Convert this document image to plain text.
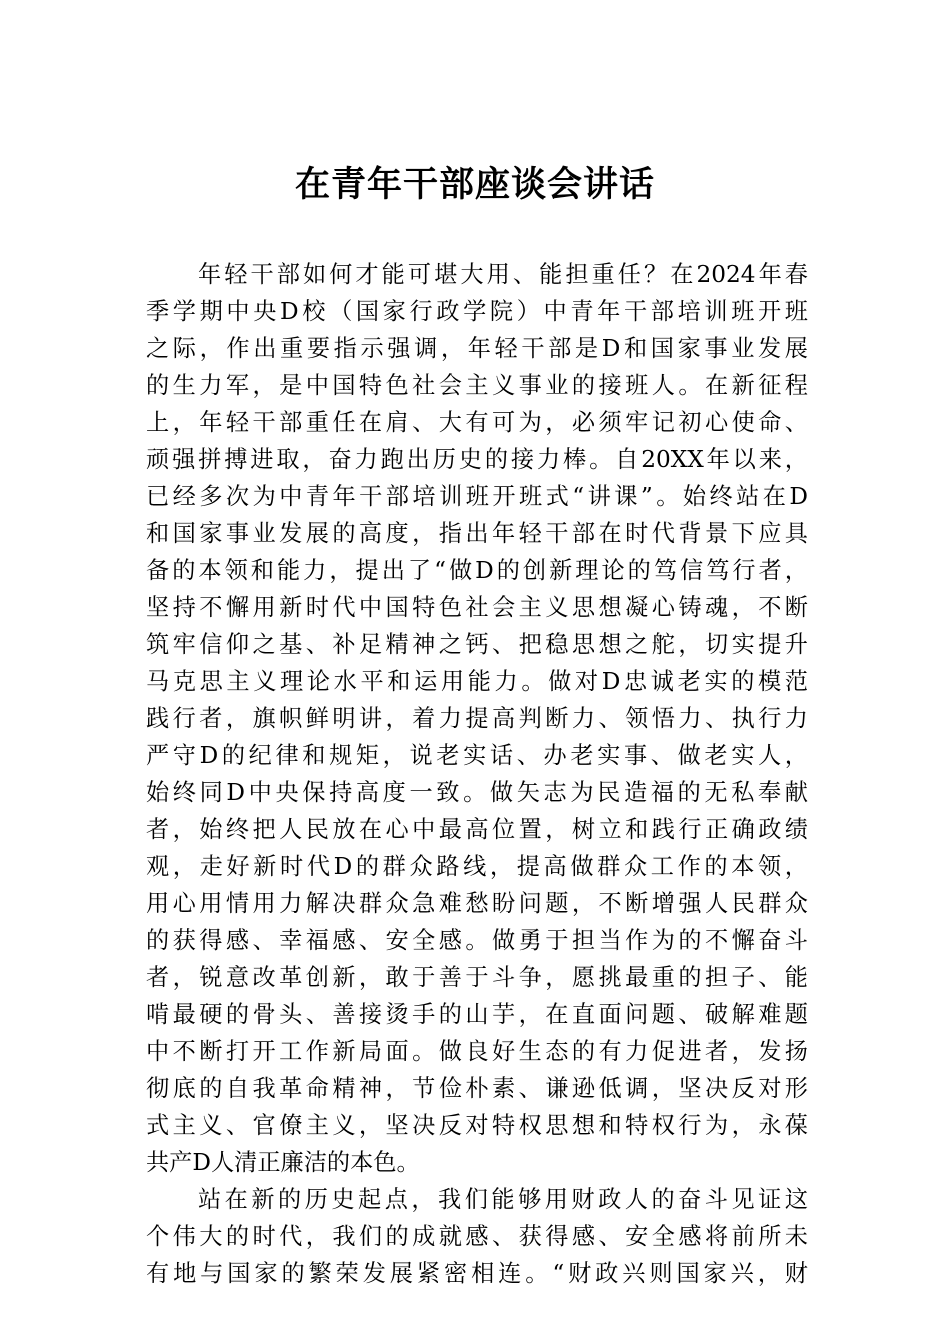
在青年干部座谈会讲话
年轻干部如何才能可堪大用、能担重任？在2024年春
季学期中央D校（国家行政学院）中青年干部培训班开班
之际，作出重要指示强调，年轻干部是D和国家事业发展
的生力军，是中国特色社会主义事业的接班人。在新征程
上，年轻干部重任在肩、大有可为，必须牢记初心使命、
顽强拼搏进取，奋力跑出历史的接力棒。自20XX年以来，
已经多次为中青年干部培训班开班式“讲课”。始终站在D
和国家事业发展的高度，指出年轻干部在时代背景下应具
备的本领和能力，提出了“做D的创新理论的笃信笃行者，
坚持不懈用新时代中国特色社会主义思想凝心铸魂，不断
筑牢信仰之基、补足精神之钙、把稳思想之舵，切实提升
马克思主义理论水平和运用能力。做对D忠诚老实的模范
践行者，旗帜鲜明讲，着力提高判断力、领悟力、执行力
严守D的纪律和规矩，说老实话、办老实事、做老实人，
始终同D中央保持高度一致。做矢志为民造福的无私奉献
者，始终把人民放在心中最高位置，树立和践行正确政绩
观，走好新时代D的群众路线，提高做群众工作的本领，
用心用情用力解决群众急难愁盼问题，不断增强人民群众
的获得感、幸福感、安全感。做勇于担当作为的不懈奋斗
者，锐意改革创新，敢于善于斗争，愿挑最重的担子、能
啃最硬的骨头、善接烫手的山芋，在直面问题、破解难题
中不断打开工作新局面。做良好生态的有力促进者，发扬
彻底的自我革命精神，节俭朴素、谦逊低调，坚决反对形
式主义、官僚主义，坚决反对特权思想和特权行为，永葆
共产D人清正廉洁的本色。
站在新的历史起点，我们能够用财政人的奋斗见证这
个伟大的时代，我们的成就感、获得感、安全感将前所未
有地与国家的繁荣发展紧密相连。“财政兴则国家兴，财
